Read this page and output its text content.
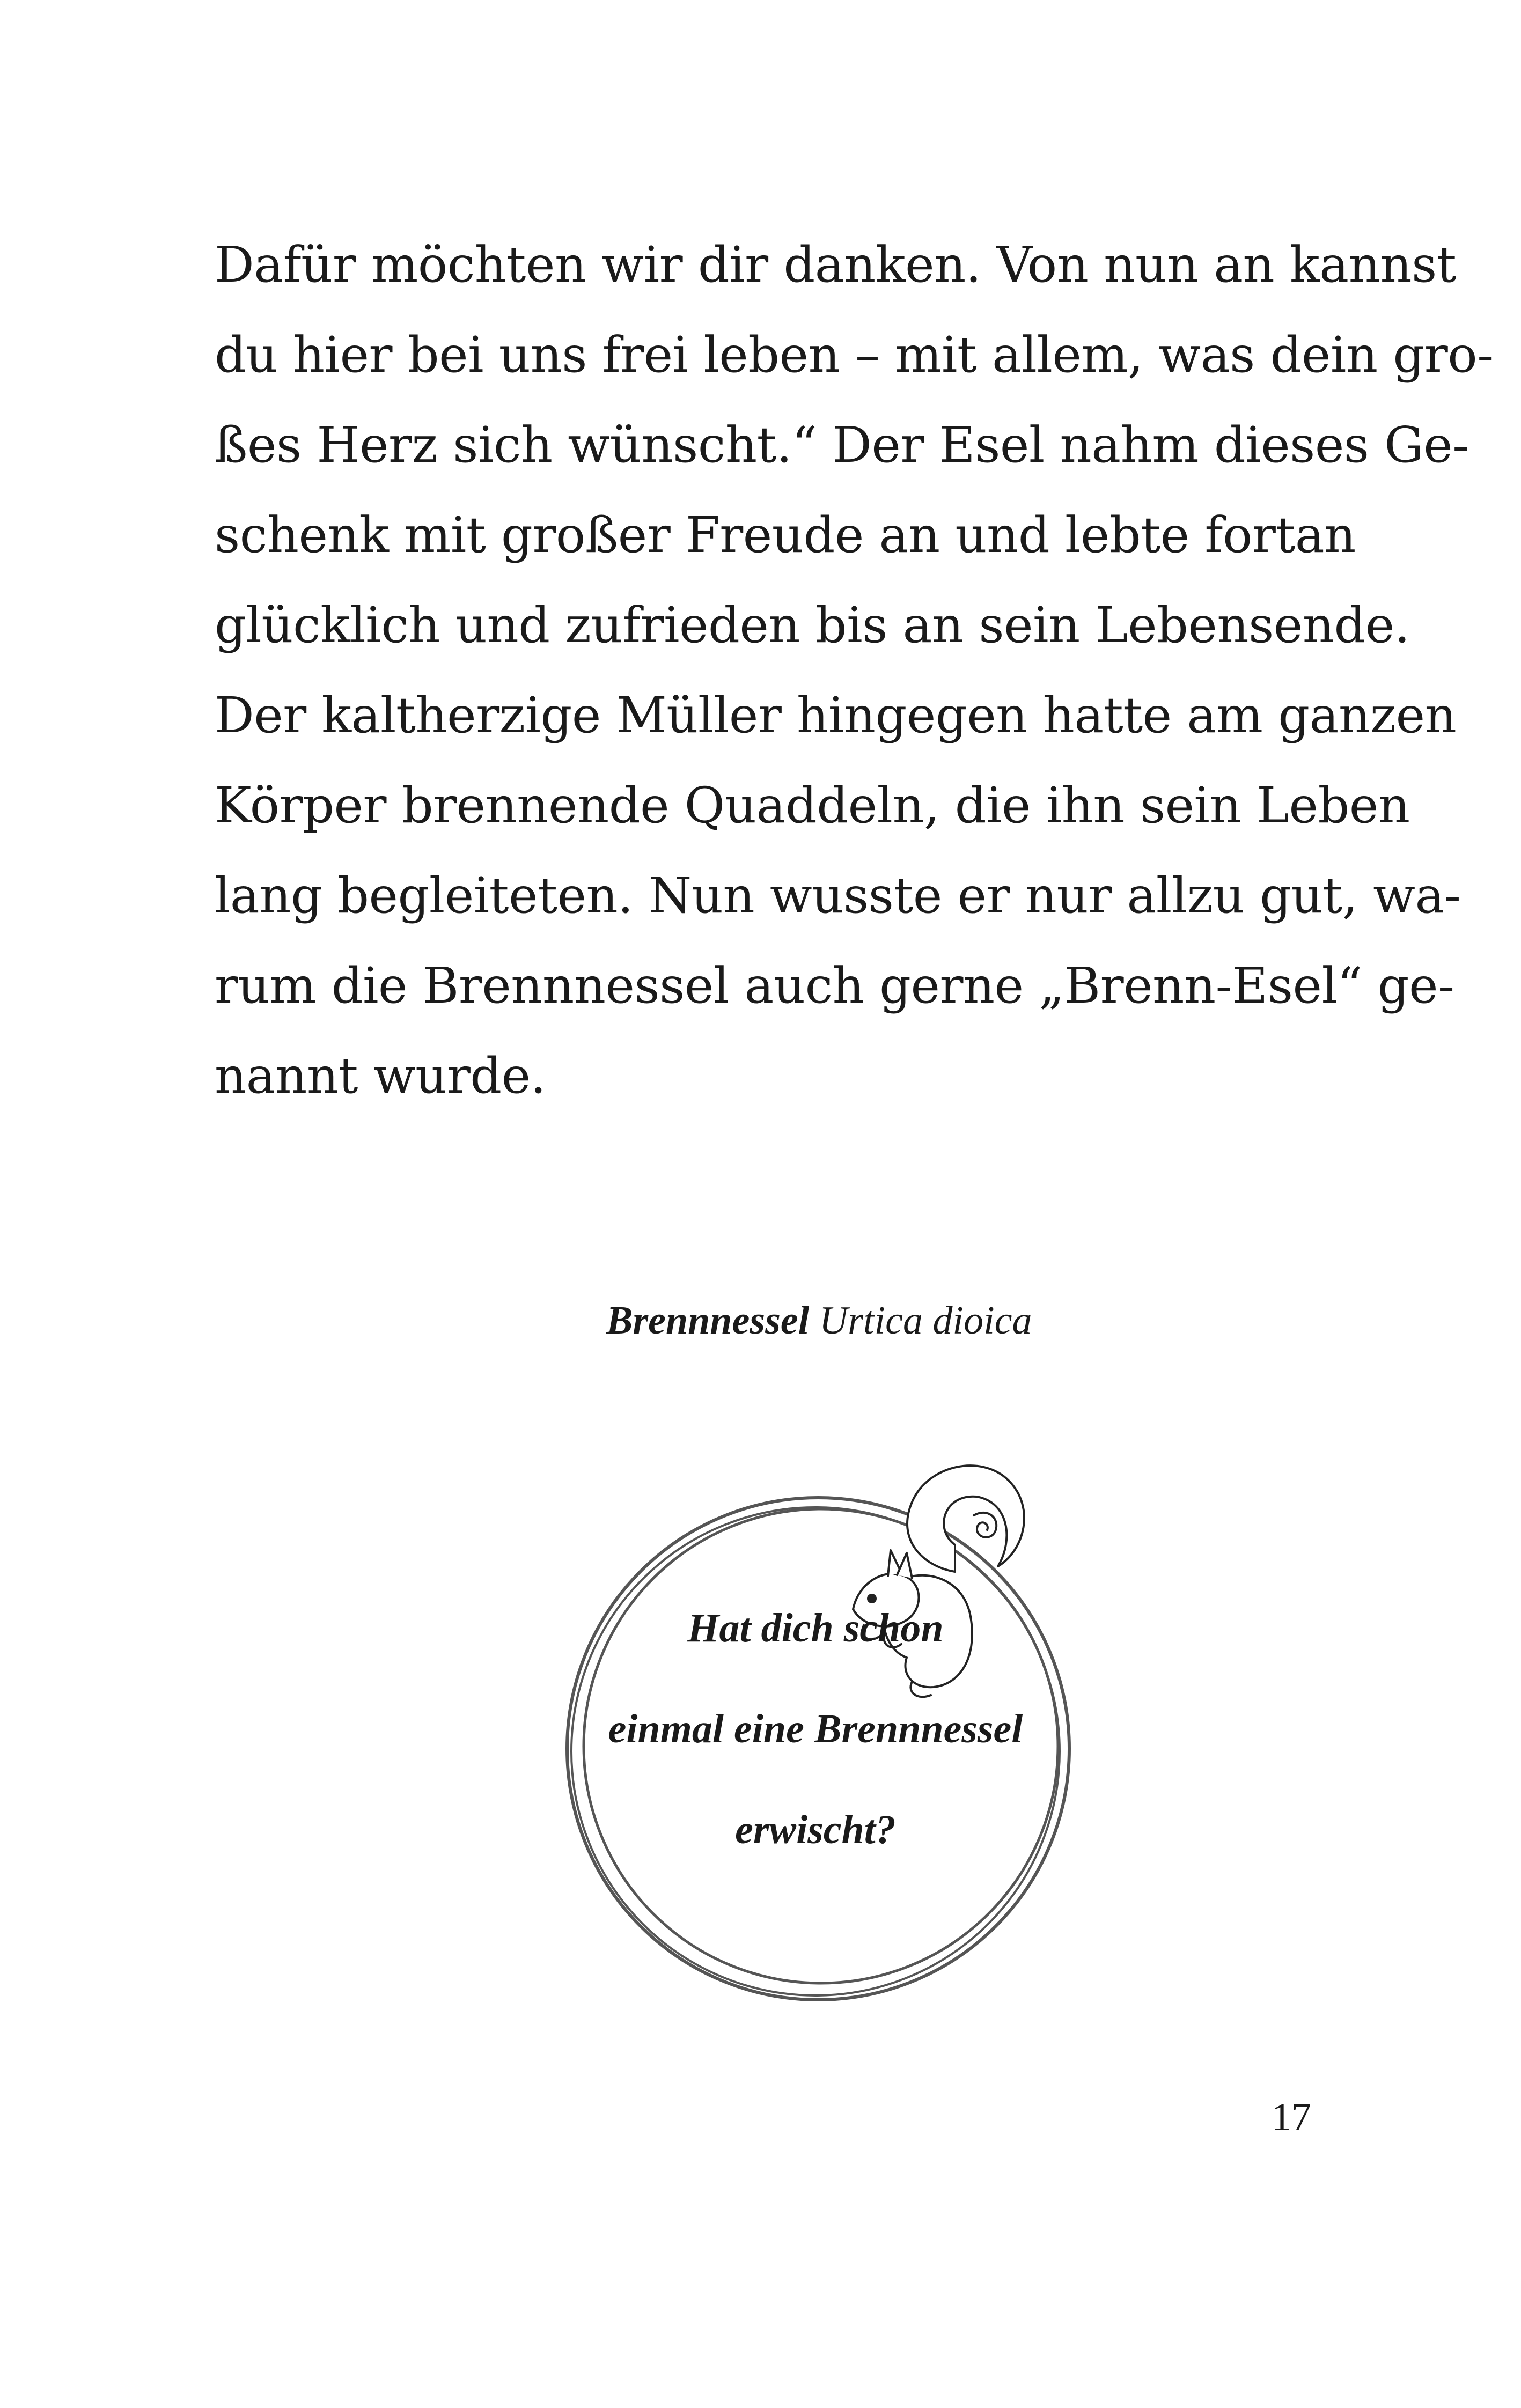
Dafür möchten wir dir danken. Von nun an kannst
du hier bei uns frei leben – mit allem, was dein gro-
ßes Herz sich wünscht.“ Der Esel nahm dieses Ge-
schenk mit großer Freude an und lebte fortan
glücklich und zufrieden bis an sein Lebensende.
Der kaltherzige Müller hingegen hatte am ganzen
Körper brennende Quaddeln, die ihn sein Leben
lang begleiteten. Nun wusste er nur allzu gut, wa-
rum die Brennnessel auch gerne „Brenn-Esel“ ge-
nannt wurde.
Brennnessel Urtica dioica
Hat dich schon
einmal eine Brennnessel
erwischt?
17
